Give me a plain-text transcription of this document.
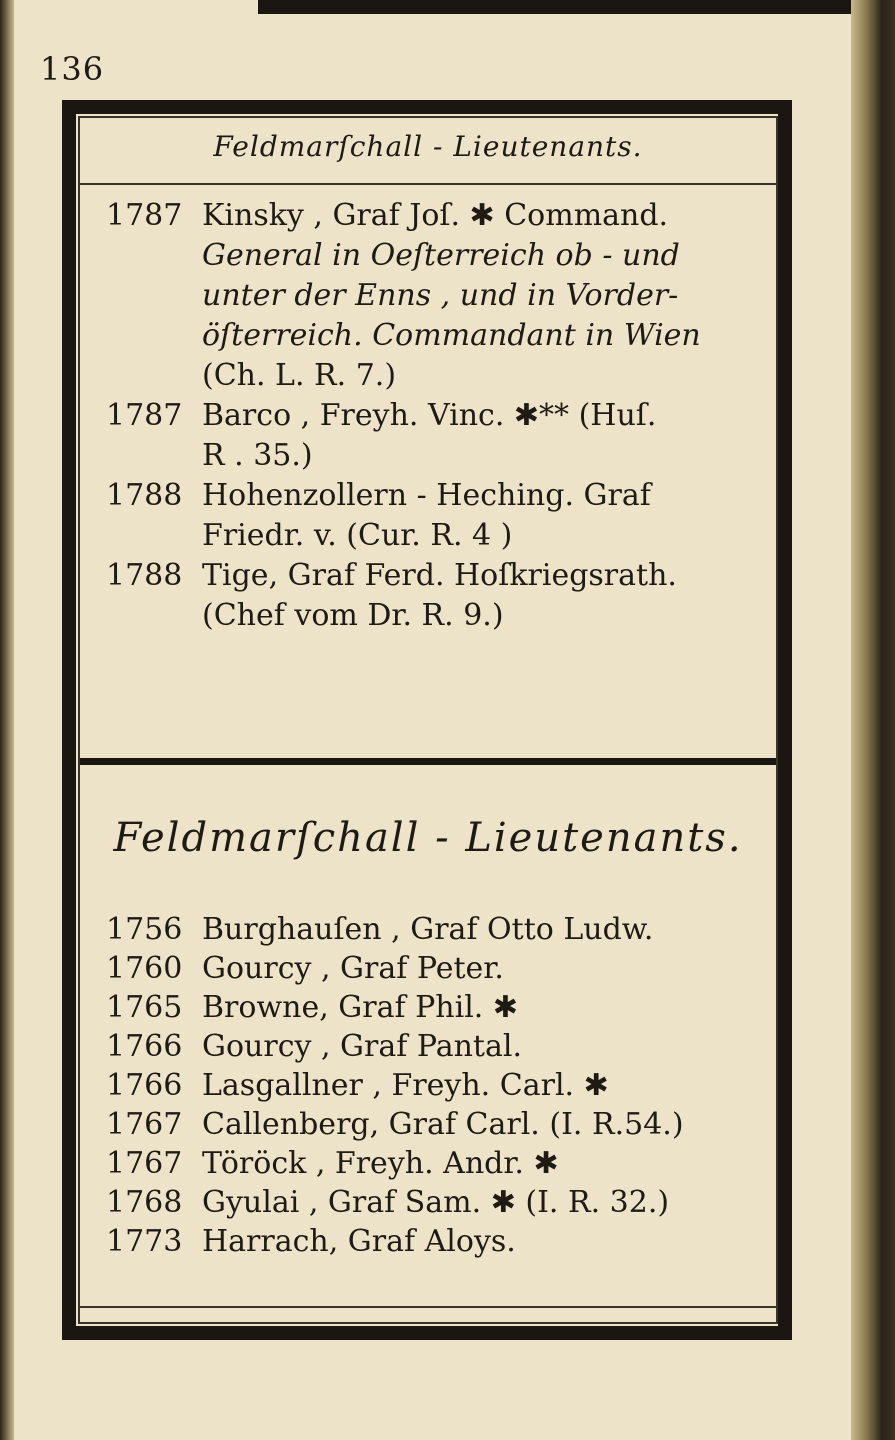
136
Feldmarſchall - Lieutenants.
1787 Kinsky , Graf Joſ. ✱ Command.
General in Oeſterreich ob - und
unter der Enns , und in Vorder-
öſterreich. Commandant in Wien
(Ch. L. R. 7.)
1787 Barco , Freyh. Vinc. ✱** (Huſ.
R . 35.)
1788 Hohenzollern - Heching. Graf
Friedr. v. (Cur. R. 4 )
1788 Tige, Graf Ferd. Hoſkriegsrath.
(Chef vom Dr. R. 9.)
Feldmarſchall - Lieutenants.
1756 Burghauſen , Graf Otto Ludw.
1760 Gourcy , Graf Peter.
1765 Browne, Graf Phil. ✱
1766 Gourcy , Graf Pantal.
1766 Lasgallner , Freyh. Carl. ✱
1767 Callenberg, Graf Carl. (I. R.54.)
1767 Töröck , Freyh. Andr. ✱
1768 Gyulai , Graf Sam. ✱ (I. R. 32.)
1773 Harrach, Graf Aloys.
